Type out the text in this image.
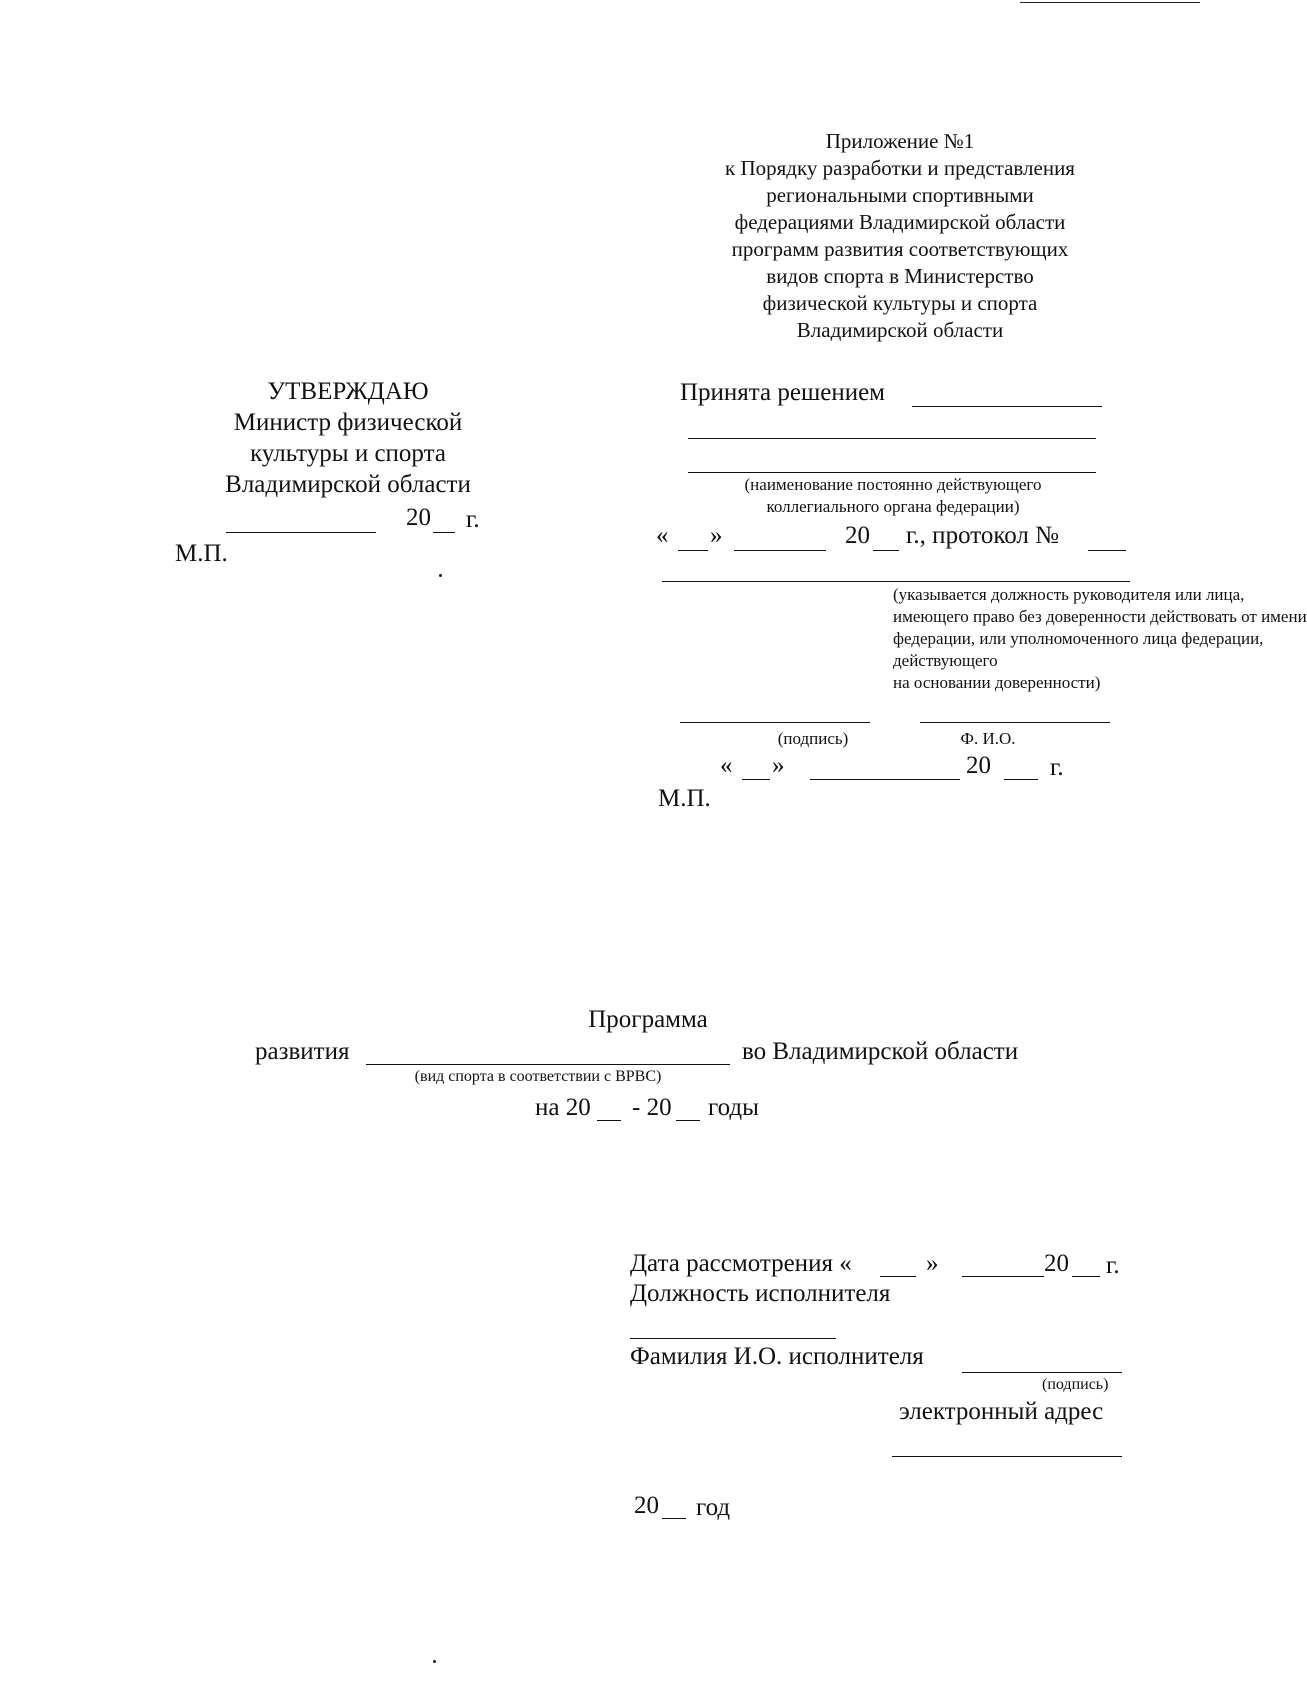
Приложение №1
к Порядку разработки и представления
региональными спортивными
федерациями Владимирской области
программ развития соответствующих
видов спорта в Министерство
физической культуры и спорта
Владимирской области
УТВЕРЖДАЮ
Министр физической
культуры и спорта
Владимирской области
20 г.
М.П.
Принята решением
(наименование постоянно действующего
коллегиального органа федерации)
« »	20 г., протокол №
(указывается должность руководителя или лица,
имеющего право без доверенности действовать от имени
федерации, или уполномоченного лица федерации,
действующего
на основании доверенности)
(подпись)	Ф. И.О.
« »	20 г.
М.П.
Программа
развития	во Владимирской области
(вид спорта в соответствии с ВРВС)
на 20 - 20 годы
Дата рассмотрения «	»	20 г.
Должность исполнителя
Фамилия И.О. исполнителя
(подпись)
электронный адрес
20 год
